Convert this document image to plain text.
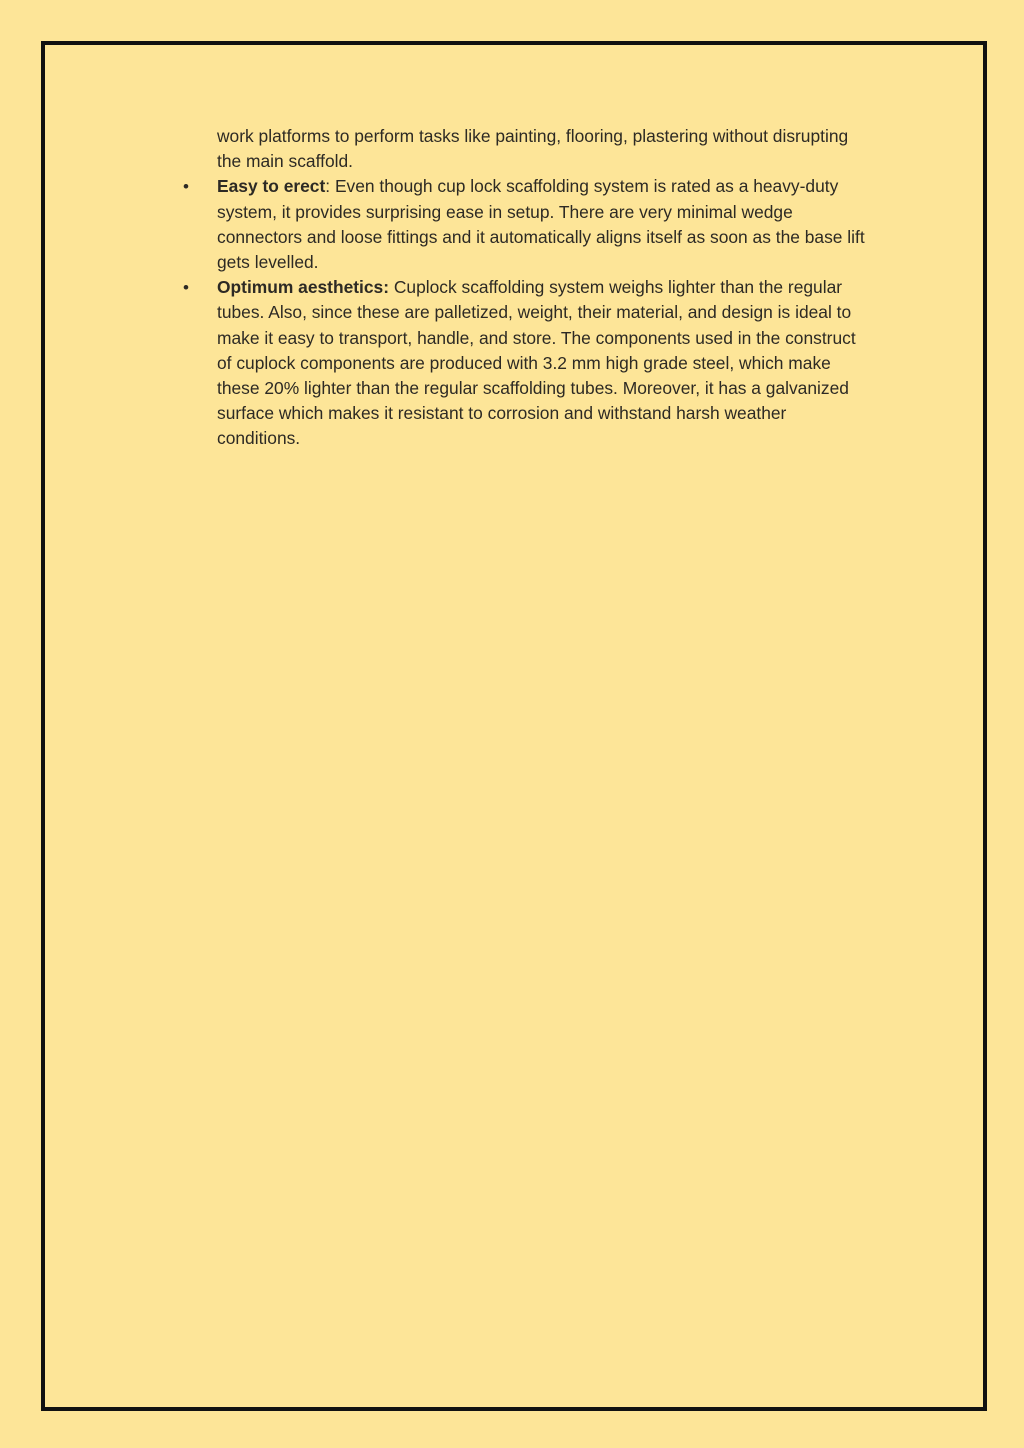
work platforms to perform tasks like painting, flooring, plastering without disrupting the main scaffold.

• Easy to erect: Even though cup lock scaffolding system is rated as a heavy-duty system, it provides surprising ease in setup. There are very minimal wedge connectors and loose fittings and it automatically aligns itself as soon as the base lift gets levelled.
• Optimum aesthetics: Cuplock scaffolding system weighs lighter than the regular tubes. Also, since these are palletized, weight, their material, and design is ideal to make it easy to transport, handle, and store. The components used in the construct of cuplock components are produced with 3.2 mm high grade steel, which make these 20% lighter than the regular scaffolding tubes. Moreover, it has a galvanized surface which makes it resistant to corrosion and withstand harsh weather conditions.
